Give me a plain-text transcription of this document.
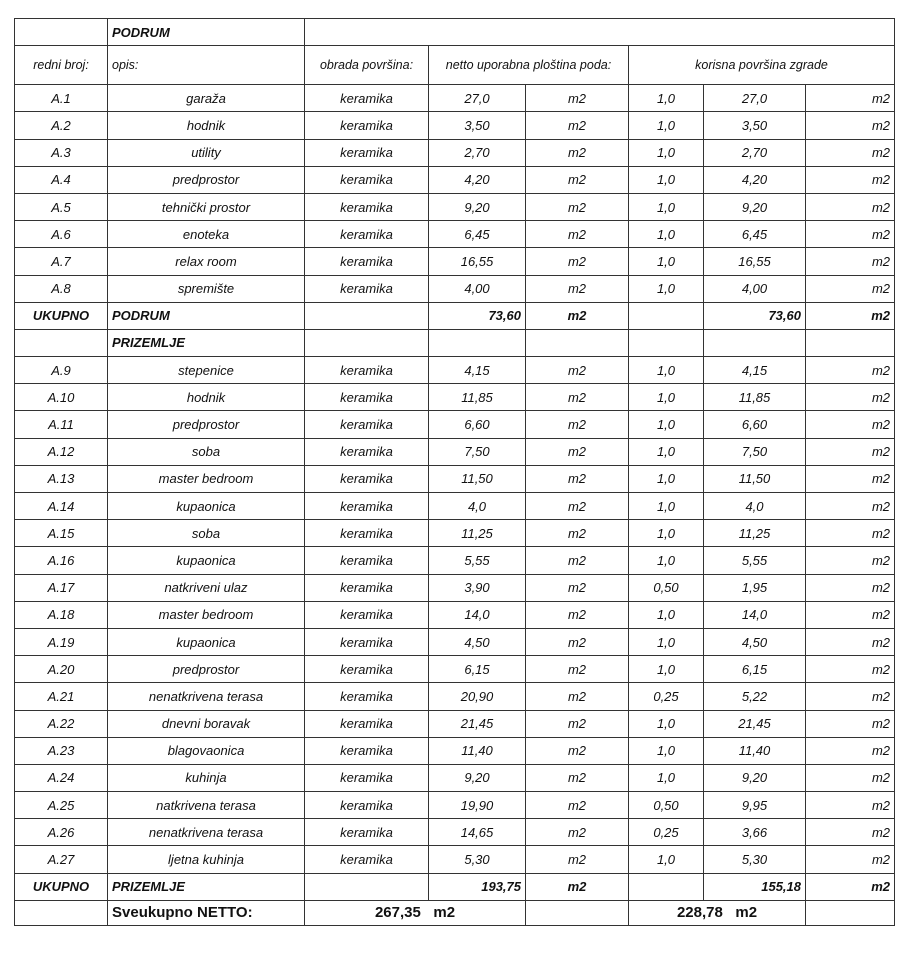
	PODRUM						
redni broj:	opis:	obrada površina:	netto uporabna ploština poda:		korisna površina zgrade		
A.1	garaža	keramika	27,0	m2	1,0	27,0	m2
A.2	hodnik	keramika	3,50	m2	1,0	3,50	m2
A.3	utility	keramika	2,70	m2	1,0	2,70	m2
A.4	predprostor	keramika	4,20	m2	1,0	4,20	m2
A.5	tehnički prostor	keramika	9,20	m2	1,0	9,20	m2
A.6	enoteka	keramika	6,45	m2	1,0	6,45	m2
A.7	relax room	keramika	16,55	m2	1,0	16,55	m2
A.8	spremište	keramika	4,00	m2	1,0	4,00	m2
UKUPNO	PODRUM		73,60	m2		73,60	m2
	PRIZEMLJE						
A.9	stepenice	keramika	4,15	m2	1,0	4,15	m2
A.10	hodnik	keramika	11,85	m2	1,0	11,85	m2
A.11	predprostor	keramika	6,60	m2	1,0	6,60	m2
A.12	soba	keramika	7,50	m2	1,0	7,50	m2
A.13	master bedroom	keramika	11,50	m2	1,0	11,50	m2
A.14	kupaonica	keramika	4,0	m2	1,0	4,0	m2
A.15	soba	keramika	11,25	m2	1,0	11,25	m2
A.16	kupaonica	keramika	5,55	m2	1,0	5,55	m2
A.17	natkriveni ulaz	keramika	3,90	m2	0,50	1,95	m2
A.18	master bedroom	keramika	14,0	m2	1,0	14,0	m2
A.19	kupaonica	keramika	4,50	m2	1,0	4,50	m2
A.20	predprostor	keramika	6,15	m2	1,0	6,15	m2
A.21	nenatkrivena terasa	keramika	20,90	m2	0,25	5,22	m2
A.22	dnevni boravak	keramika	21,45	m2	1,0	21,45	m2
A.23	blagovaonica	keramika	11,40	m2	1,0	11,40	m2
A.24	kuhinja	keramika	9,20	m2	1,0	9,20	m2
A.25	natkrivena terasa	keramika	19,90	m2	0,50	9,95	m2
A.26	nenatkrivena terasa	keramika	14,65	m2	0,25	3,66	m2
A.27	ljetna kuhinja	keramika	5,30	m2	1,0	5,30	m2
UKUPNO	PRIZEMLJE		193,75	m2		155,18	m2
	Sveukupno NETTO:	267,35 m2			228,78 m2		
